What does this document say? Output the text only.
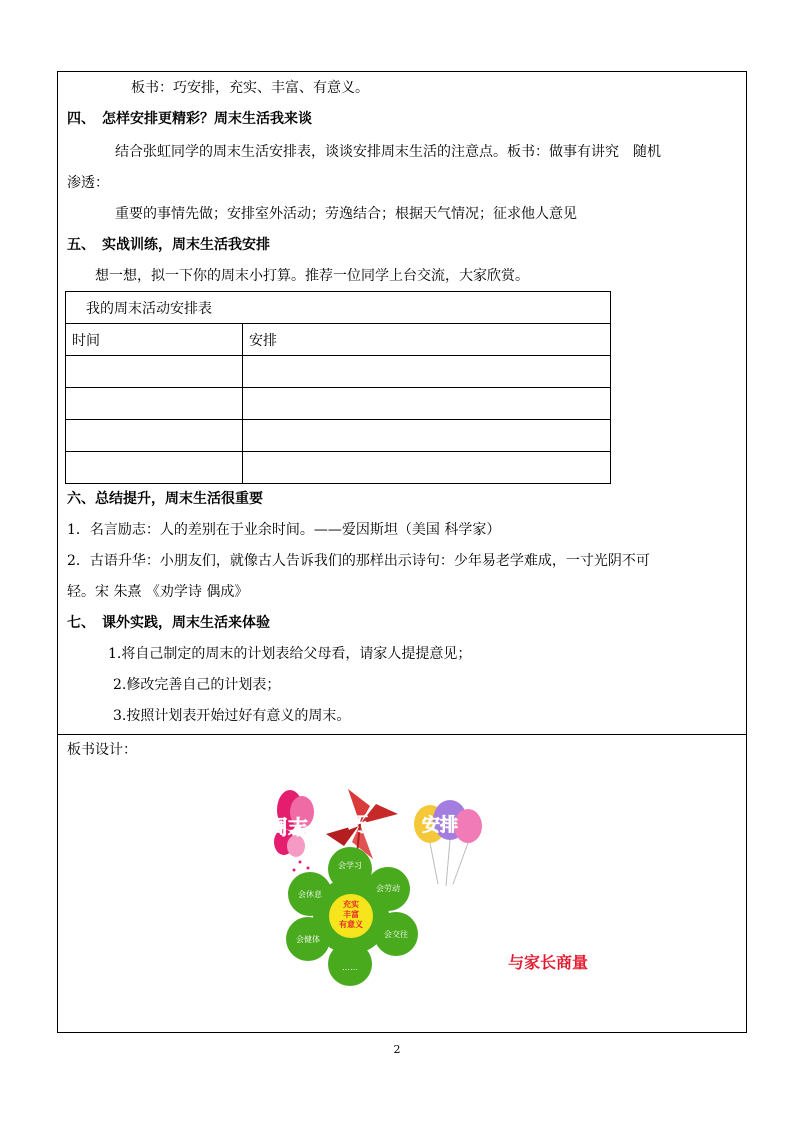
板书：巧安排，充实、丰富、有意义。
四、　怎样安排更精彩？周末生活我来谈
结合张虹同学的周末生活安排表，谈谈安排周末生活的注意点。板书：做事有讲究　随机
渗透：
重要的事情先做；安排室外活动；劳逸结合；根据天气情况；征求他人意见
五、　实战训练，周末生活我安排
想一想，拟一下你的周末小打算。推荐一位同学上台交流，大家欣赏。
我的周末活动安排表	
时间	安排

六、总结提升，周末生活很重要
1．名言励志：人的差别在于业余时间。——爱因斯坦（美国 科学家）
2．古语升华：小朋友们，就像古人告诉我们的那样出示诗句：少年易老学难成，一寸光阴不可
轻。宋 朱熹 《劝学诗 偶成》
七、　课外实践，周末生活来体验
1.将自己制定的周末的计划表给父母看，请家人提提意见；
2.修改完善自己的计划表；
3.按照计划表开始过好有意义的周末。
板书设计：
周末 巧	安排
充实
丰富
有意义
会学习
会劳动
会交往
……
会健体
会休息
与家长商量
2
